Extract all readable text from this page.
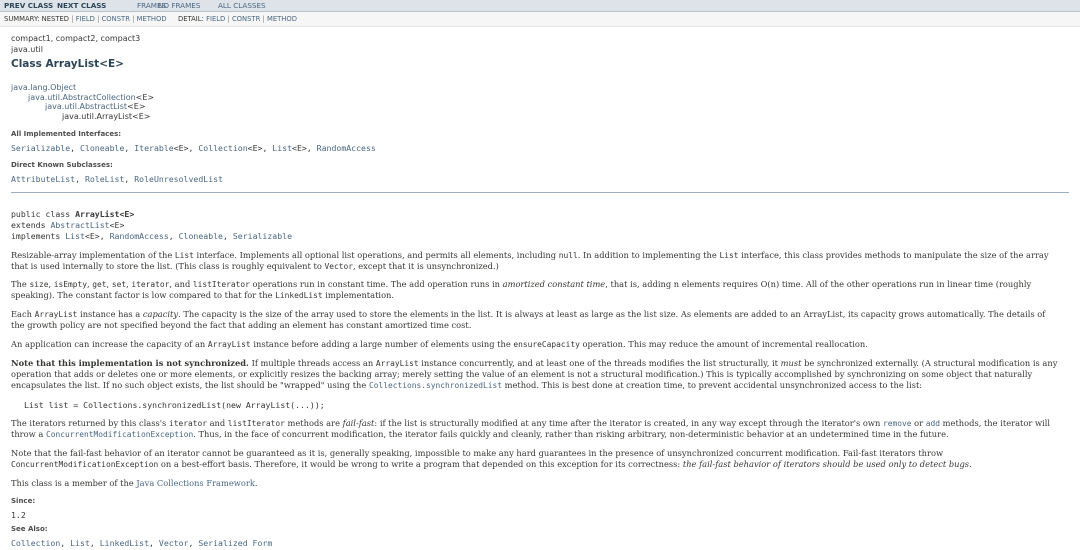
PREV CLASS NEXT CLASS	FRAMES
NO FRAMES ALL CLASSES
SUMMARY: NESTED | FIELD | CONSTR | METHOD DETAIL: FIELD | CONSTR | METHOD
compact1, compact2, compact3
java.util
Class ArrayList<E>
java.lang.Object
java.util.AbstractCollection<E>
java.util.AbstractList<E>
java.util.ArrayList<E>
All Implemented Interfaces:
Serializable, Cloneable, Iterable<E>, Collection<E>, List<E>, RandomAccess
Direct Known Subclasses:
AttributeList, RoleList, RoleUnresolvedList
public class ArrayList<E>
extends AbstractList<E>
implements List<E>, RandomAccess, Cloneable, Serializable
Resizable-array implementation of the List interface. Implements all optional list operations, and permits all elements, including null. In addition to implementing the List interface, this class provides methods to manipulate the size of the array that is used internally to store the list. (This class is roughly equivalent to Vector, except that it is unsynchronized.)
The size, isEmpty, get, set, iterator, and listIterator operations run in constant time. The add operation runs in amortized constant time, that is, adding n elements requires O(n) time. All of the other operations run in linear time (roughly speaking). The constant factor is low compared to that for the LinkedList implementation.
Each ArrayList instance has a capacity. The capacity is the size of the array used to store the elements in the list. It is always at least as large as the list size. As elements are added to an ArrayList, its capacity grows automatically. The details of the growth policy are not specified beyond the fact that adding an element has constant amortized time cost.
An application can increase the capacity of an ArrayList instance before adding a large number of elements using the ensureCapacity operation. This may reduce the amount of incremental reallocation.
Note that this implementation is not synchronized. If multiple threads access an ArrayList instance concurrently, and at least one of the threads modifies the list structurally, it must be synchronized externally. (A structural modification is any operation that adds or deletes one or more elements, or explicitly resizes the backing array; merely setting the value of an element is not a structural modification.) This is typically accomplished by synchronizing on some object that naturally encapsulates the list. If no such object exists, the list should be "wrapped" using the Collections.synchronizedList method. This is best done at creation time, to prevent accidental unsynchronized access to the list:
List list = Collections.synchronizedList(new ArrayList(...));
The iterators returned by this class's iterator and listIterator methods are fail-fast: if the list is structurally modified at any time after the iterator is created, in any way except through the iterator's own remove or add methods, the iterator will throw a ConcurrentModificationException. Thus, in the face of concurrent modification, the iterator fails quickly and cleanly, rather than risking arbitrary, non-deterministic behavior at an undetermined time in the future.
Note that the fail-fast behavior of an iterator cannot be guaranteed as it is, generally speaking, impossible to make any hard guarantees in the presence of unsynchronized concurrent modification. Fail-fast iterators throw ConcurrentModificationException on a best-effort basis. Therefore, it would be wrong to write a program that depended on this exception for its correctness: the fail-fast behavior of iterators should be used only to detect bugs.
This class is a member of the Java Collections Framework.
Since:
1.2
See Also:
Collection, List, LinkedList, Vector, Serialized Form
